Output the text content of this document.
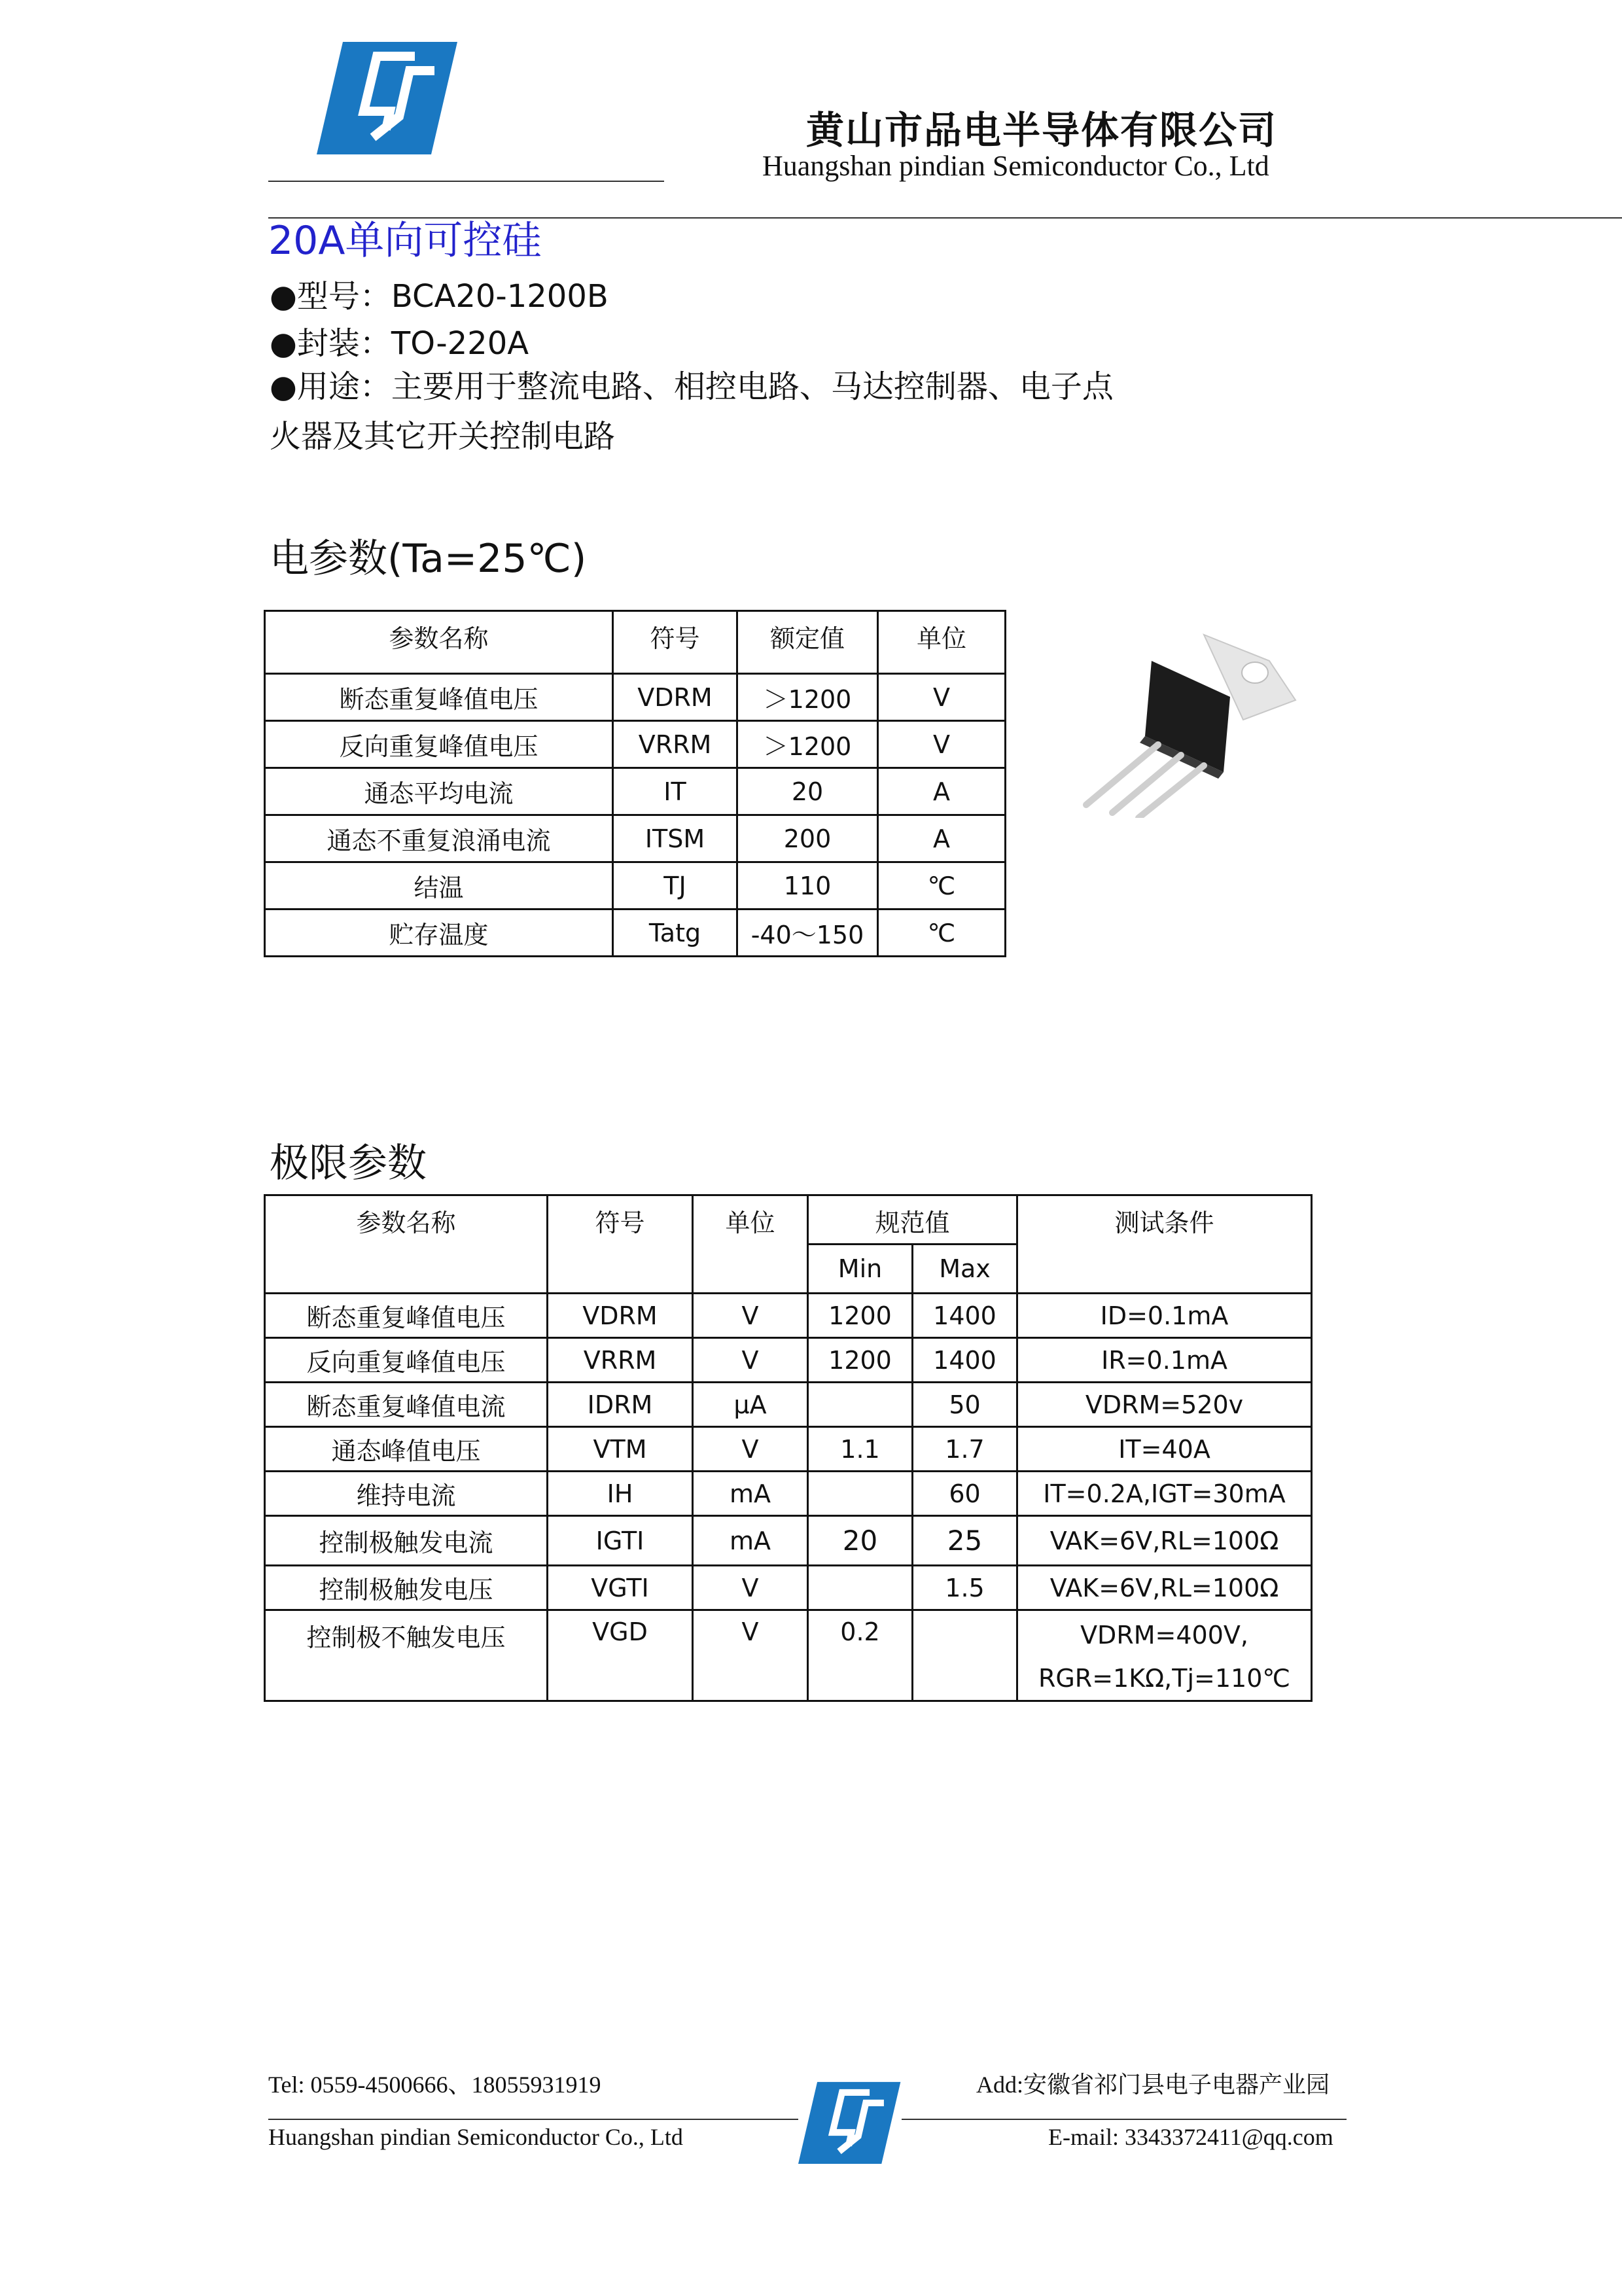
黄山市品电半导体有限公司
Huangshan pindian Semiconductor Co., Ltd
20A单向可控硅
●型号：BCA20-1200B
●封装：TO-220A
●用途：主要用于整流电路、相控电路、马达控制器、电子点
火器及其它开关控制电路
电参数(Ta=25℃)
参数名称	符号	额定值	单位
断态重复峰值电压	VDRM	＞1200	V
反向重复峰值电压	VRRM	＞1200	V
通态平均电流	IT	20	A
通态不重复浪涌电流	ITSM	200	A
结温	TJ	110	℃
贮存温度	Tatg	-40～150	℃
极限参数
参数名称	符号	单位	规范值		测试条件
			Min	Max	
断态重复峰值电压	VDRM	V	1200	1400	ID=0.1mA
反向重复峰值电压	VRRM	V	1200	1400	IR=0.1mA
断态重复峰值电流	IDRM	μA		50	VDRM=520v
通态峰值电压	VTM	V	1.1	1.7	IT=40A
维持电流	IH	mA		60	IT=0.2A,IGT=30mA
控制极触发电流	IGTI	mA	20	25	VAK=6V,RL=100Ω
控制极触发电压	VGTI	V		1.5	VAK=6V,RL=100Ω
控制极不触发电压	VGD	V	0.2		VDRM=400V,
RGR=1KΩ,Tj=110℃
Tel: 0559-4500666、18055931919	Add:安徽省祁门县电子电器产业园
Huangshan pindian Semiconductor Co., Ltd	E-mail: 3343372411@qq.com
